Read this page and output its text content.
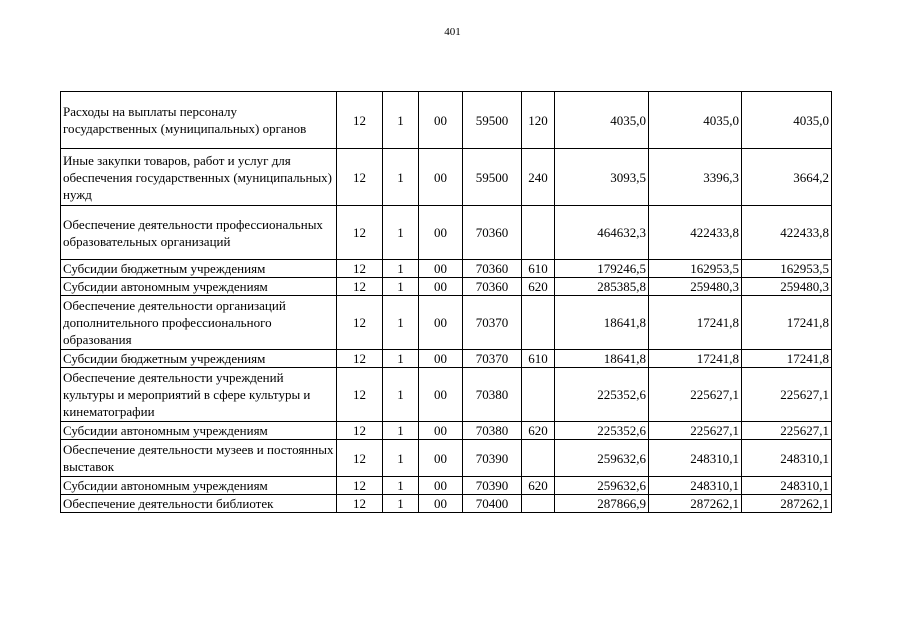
401
Расходы на выплаты персоналу государственных (муниципальных) органов	12	1	00	59500	120	4035,0	4035,0	4035,0
Иные закупки товаров, работ и услуг для обеспечения государственных (муниципальных) нужд	12	1	00	59500	240	3093,5	3396,3	3664,2
Обеспечение деятельности профессиональных образовательных организаций	12	1	00	70360		464632,3	422433,8	422433,8
Субсидии бюджетным учреждениям	12	1	00	70360	610	179246,5	162953,5	162953,5
Субсидии автономным учреждениям	12	1	00	70360	620	285385,8	259480,3	259480,3
Обеспечение деятельности организаций дополнительного профессионального образования	12	1	00	70370		18641,8	17241,8	17241,8
Субсидии бюджетным учреждениям	12	1	00	70370	610	18641,8	17241,8	17241,8
Обеспечение деятельности учреждений культуры и мероприятий в сфере культуры и кинематографии	12	1	00	70380		225352,6	225627,1	225627,1
Субсидии автономным учреждениям	12	1	00	70380	620	225352,6	225627,1	225627,1
Обеспечение деятельности музеев и постоянных выставок	12	1	00	70390		259632,6	248310,1	248310,1
Субсидии автономным учреждениям	12	1	00	70390	620	259632,6	248310,1	248310,1
Обеспечение деятельности библиотек	12	1	00	70400		287866,9	287262,1	287262,1
